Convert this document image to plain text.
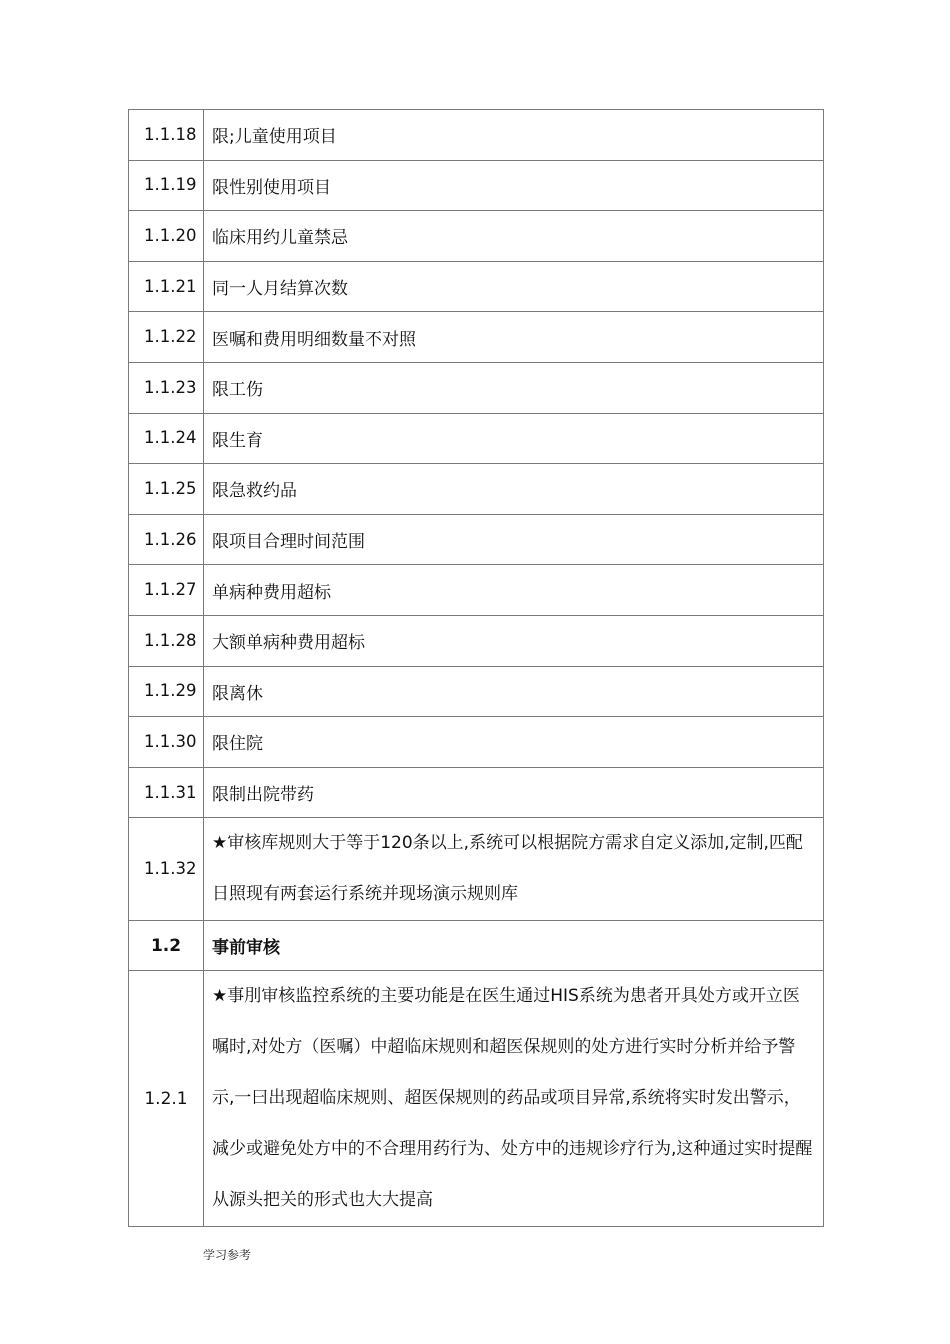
1.1.18	限;儿童使用项目

1.1.19	限性别使用项目

1.1.20	临床用约儿童禁忌

1.1.21	同一人月结算次数

1.1.22	医嘱和费用明细数量不对照

1.1.23	限工伤

1.1.24	限生育

1.1.25	限急救约品

1.1.26	限项目合理时间范围

1.1.27	单病种费用超标

1.1.28	大额单病种费用超标

1.1.29	限离休

1.1.30	限住院

1.1.31	限制出院带药

1.1.32	★审核库规则大于等于120条以上,系统可以根据院方需求自定义添加,定制,匹配日照现有两套运行系统并现场演示规则库

1.2	事前审核

1.2.1	★事刖审核监控系统的主要功能是在医生通过HIS系统为患者开具处方或开立医嘱时,对处方（医嘱）中超临床规则和超医保规则的处方进行实时分析并给予警示,一曰出现超临床规则、超医保规则的药品或项目异常,系统将实时发出警示，减少或避免处方中的不合理用药行为、处方中的违规诊疗行为,这种通过实时提醒从源头把关的形式也大大提高
学习参考
